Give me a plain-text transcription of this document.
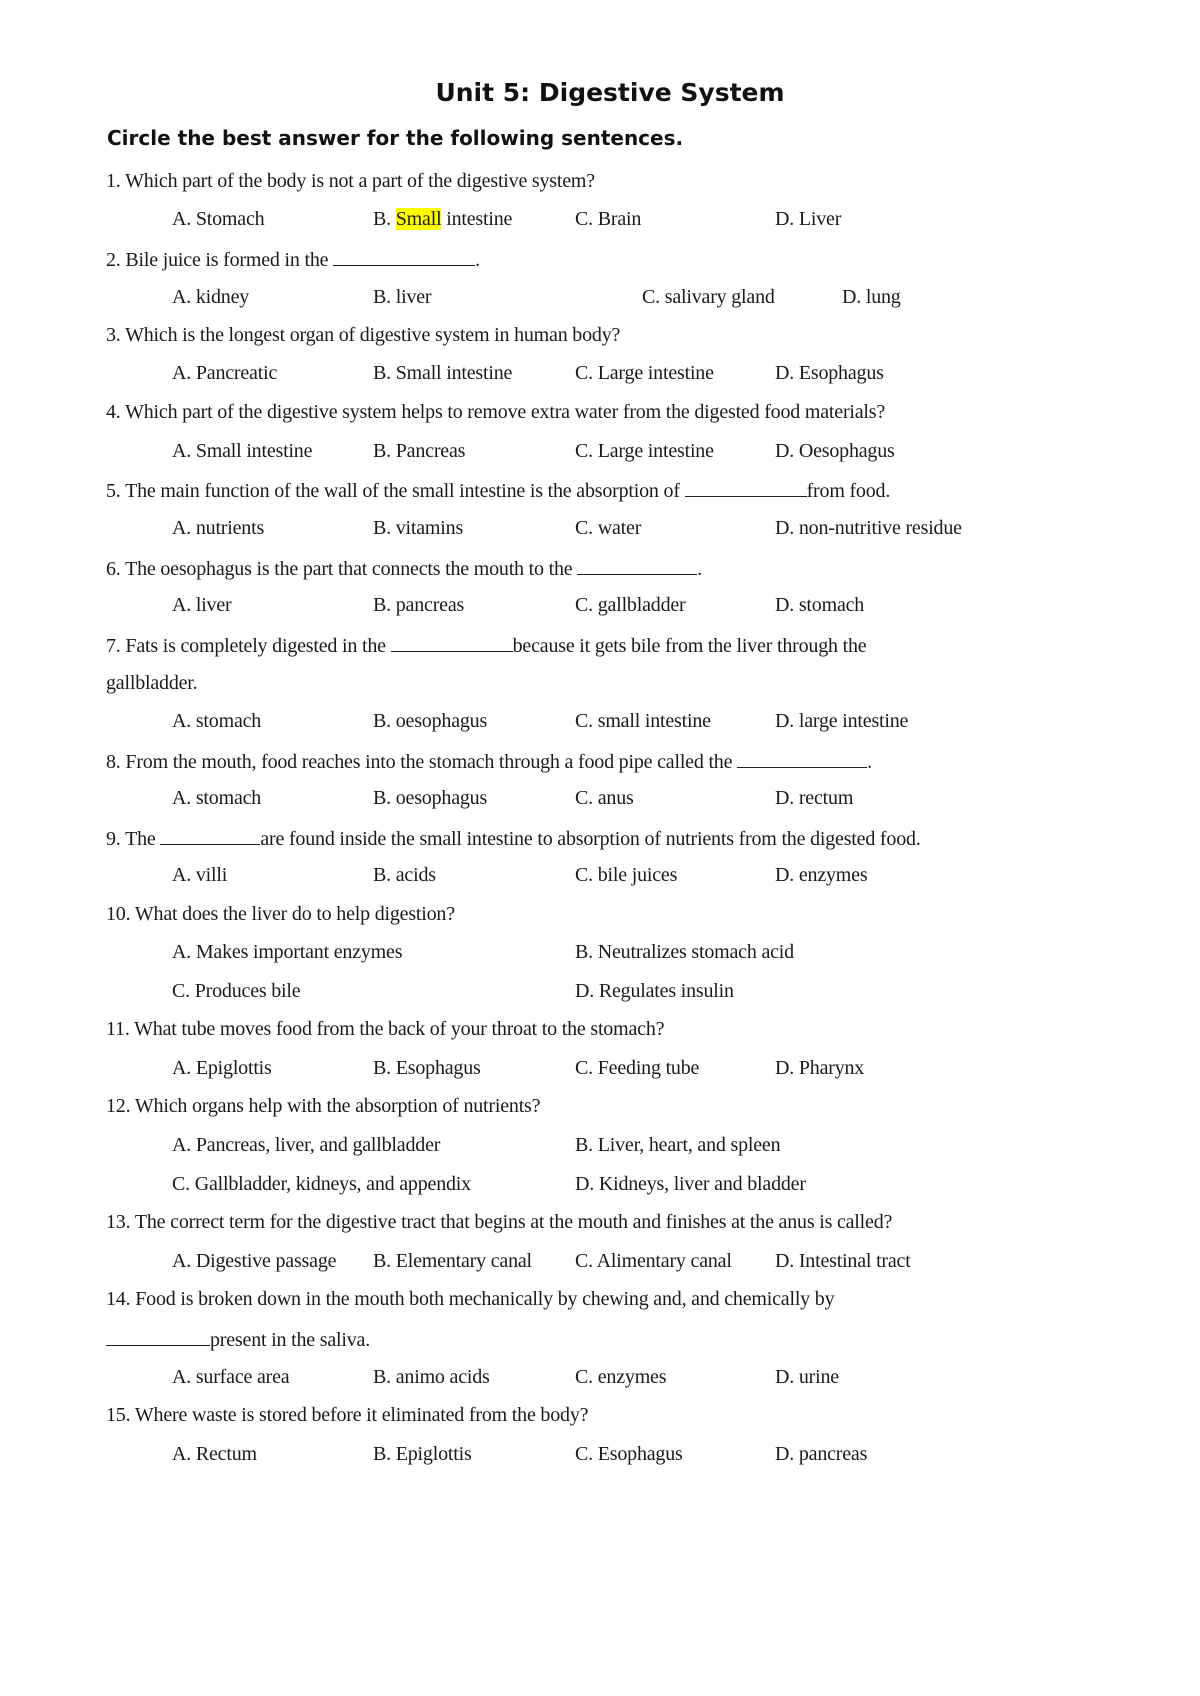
Unit 5: Digestive System
Circle the best answer for the following sentences.
1. Which part of the body is not a part of the digestive system?
A. Stomach	B. Small intestine	C. Brain	D. Liver
2. Bile juice is formed in the	.
A. kidney	B. liver	C. salivary gland	D. lung
3. Which is the longest organ of digestive system in human body?
A. Pancreatic	B. Small intestine	C. Large intestine	D. Esophagus
4. Which part of the digestive system helps to remove extra water from the digested food materials?
A. Small intestine	B. Pancreas	C. Large intestine	D. Oesophagus
5. The main function of the wall of the small intestine is the absorption of	from food.
A. nutrients	B. vitamins	C. water	D. non-nutritive residue
6. The oesophagus is the part that connects the mouth to the	.
A. liver	B. pancreas	C. gallbladder	D. stomach
7. Fats is completely digested in the	because it gets bile from the liver through the
gallbladder.
A. stomach	B. oesophagus	C. small intestine	D. large intestine
8. From the mouth, food reaches into the stomach through a food pipe called the	.
A. stomach	B. oesophagus	C. anus	D. rectum
9. The	are found inside the small intestine to absorption of nutrients from the digested food.
A. villi	B. acids	C. bile juices	D. enzymes
10. What does the liver do to help digestion?
A. Makes important enzymes	B. Neutralizes stomach acid
C. Produces bile	D. Regulates insulin
11. What tube moves food from the back of your throat to the stomach?
A. Epiglottis	B. Esophagus	C. Feeding tube	D. Pharynx
12. Which organs help with the absorption of nutrients?
A. Pancreas, liver, and gallbladder	B. Liver, heart, and spleen
C. Gallbladder, kidneys, and appendix	D. Kidneys, liver and bladder
13. The correct term for the digestive tract that begins at the mouth and finishes at the anus is called?
A. Digestive passage B. Elementary canal C. Alimentary canal D. Intestinal tract
14. Food is broken down in the mouth both mechanically by chewing and, and chemically by
present in the saliva.
A. surface area	B. animo acids	C. enzymes	D. urine
15. Where waste is stored before it eliminated from the body?
A. Rectum	B. Epiglottis	C. Esophagus	D. pancreas
